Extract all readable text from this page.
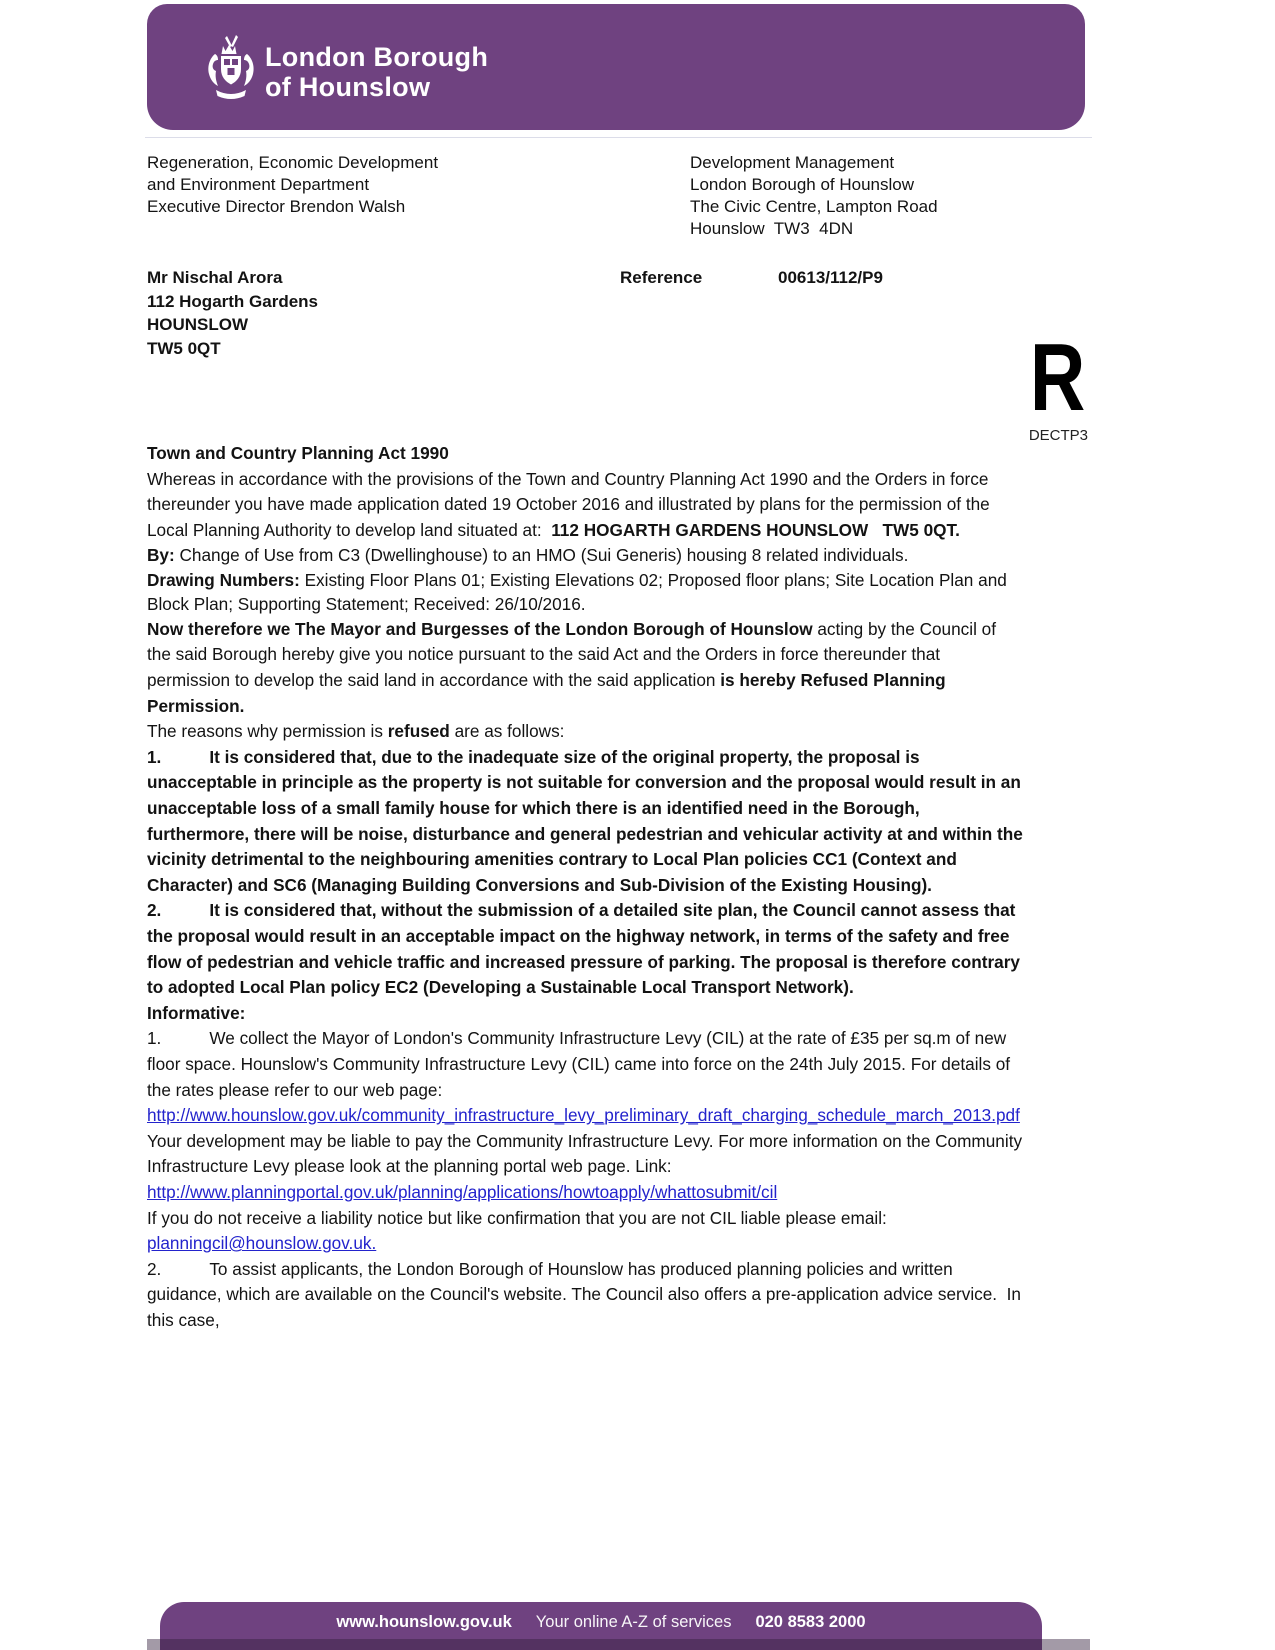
London Borough
of Hounslow
Regeneration, Economic Development
and Environment Department
Executive Director Brendon Walsh
Development Management
London Borough of Hounslow
The Civic Centre, Lampton Road
Hounslow  TW3  4DN
Mr Nischal Arora
112 Hogarth Gardens
HOUNSLOW
TW5 0QT
Reference	00613/112/P9
R
DECTP3

Town and Country Planning Act 1990

Whereas in accordance with the provisions of the Town and Country Planning Act 1990 and the Orders in force thereunder you have made application dated 19 October 2016 and illustrated by plans for the permission of the Local Planning Authority to develop land situated at:  112 HOGARTH GARDENS HOUNSLOW   TW5 0QT.

By: Change of Use from C3 (Dwellinghouse) to an HMO (Sui Generis) housing 8 related individuals.
Drawing Numbers: Existing Floor Plans 01; Existing Elevations 02; Proposed floor plans; Site Location Plan and Block Plan; Supporting Statement; Received: 26/10/2016.

Now therefore we The Mayor and Burgesses of the London Borough of Hounslow acting by the Council of the said Borough hereby give you notice pursuant to the said Act and the Orders in force thereunder that permission to develop the said land in accordance with the said application is hereby Refused Planning Permission.

The reasons why permission is refused are as follows:

1.	It is considered that, due to the inadequate size of the original property, the proposal is unacceptable in principle as the property is not suitable for conversion and the proposal would result in an unacceptable loss of a small family house for which there is an identified need in the Borough, furthermore, there will be noise, disturbance and general pedestrian and vehicular activity at and within the vicinity detrimental to the neighbouring amenities contrary to Local Plan policies CC1 (Context and Character) and SC6 (Managing Building Conversions and Sub-Division of the Existing Housing).

2.	It is considered that, without the submission of a detailed site plan, the Council cannot assess that the proposal would result in an acceptable impact on the highway network, in terms of the safety and free flow of pedestrian and vehicle traffic and increased pressure of parking. The proposal is therefore contrary to adopted Local Plan policy EC2 (Developing a Sustainable Local Transport Network).

Informative:

1.	We collect the Mayor of London's Community Infrastructure Levy (CIL) at the rate of £35 per sq.m of new floor space. Hounslow's Community Infrastructure Levy (CIL) came into force on the 24th July 2015. For details of the rates please refer to our web page:

http://www.hounslow.gov.uk/community_infrastructure_levy_preliminary_draft_charging_schedule_march_2013.pdf

Your development may be liable to pay the Community Infrastructure Levy. For more information on the Community Infrastructure Levy please look at the planning portal web page. Link:

http://www.planningportal.gov.uk/planning/applications/howtoapply/whattosubmit/cil

If you do not receive a liability notice but like confirmation that you are not CIL liable please email:

planningcil@hounslow.gov.uk.

2.	To assist applicants, the London Borough of Hounslow has produced planning policies and written guidance, which are available on the Council's website. The Council also offers a pre-application advice service.  In this case,

www.hounslow.gov.uk Your online A-Z of services 020 8583 2000
